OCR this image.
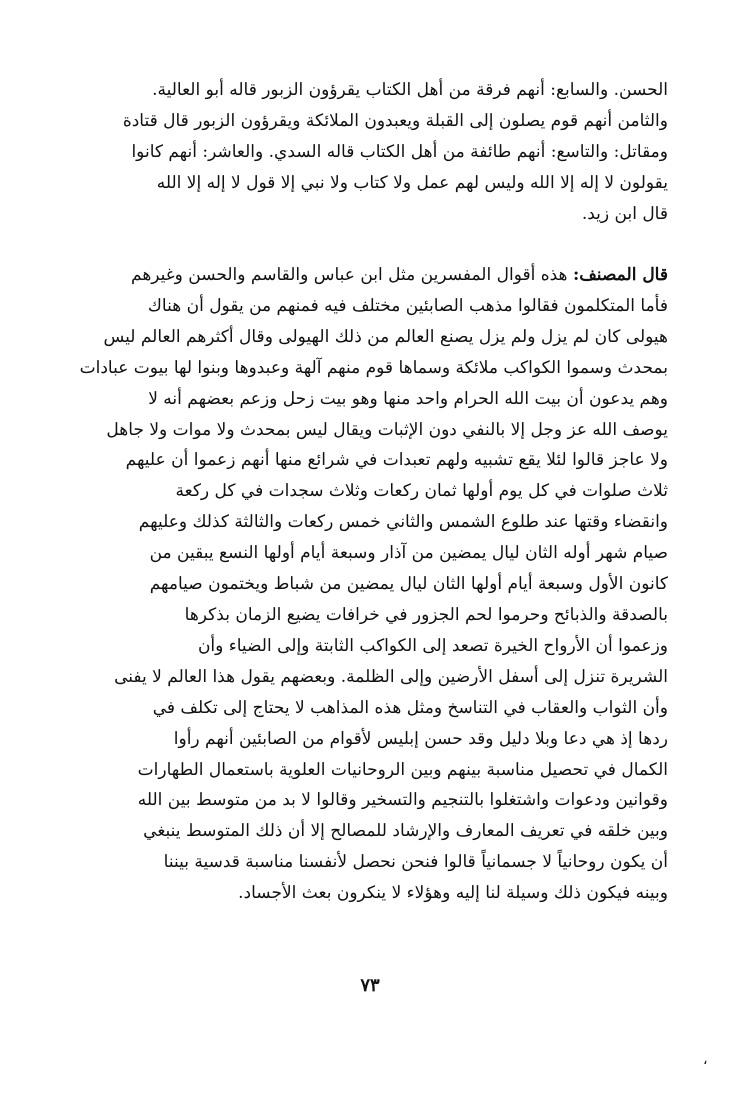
الحسن. والسابع: أنهم فرقة من أهل الكتاب يقرؤون الزبور قاله أبو العالية.
والثامن أنهم قوم يصلون إلى القبلة ويعبدون الملائكة ويقرؤون الزبور قال قتادة
ومقاتل: والتاسع: أنهم طائفة من أهل الكتاب قاله السدي. والعاشر: أنهم كانوا
يقولون لا إله إلا الله وليس لهم عمل ولا كتاب ولا نبي إلا قول لا إله إلا الله
قال ابن زيد.
قال المصنف: هذه أقوال المفسرين مثل ابن عباس والقاسم والحسن وغيرهم
فأما المتكلمون فقالوا مذهب الصابئين مختلف فيه فمنهم من يقول أن هناك
هيولى كان لم يزل ولم يزل يصنع العالم من ذلك الهيولى وقال أكثرهم العالم ليس
بمحدث وسموا الكواكب ملائكة وسماها قوم منهم آلهة وعبدوها وبنوا لها بيوت عبادات
وهم يدعون أن بيت الله الحرام واحد منها وهو بيت زحل وزعم بعضهم أنه لا
يوصف الله عز وجل إلا بالنفي دون الإثبات ويقال ليس بمحدث ولا موات ولا جاهل
ولا عاجز قالوا لئلا يقع تشبيه ولهم تعبدات في شرائع منها أنهم زعموا أن عليهم
ثلاث صلوات في كل يوم أولها ثمان ركعات وثلاث سجدات في كل ركعة
وانقضاء وقتها عند طلوع الشمس والثاني خمس ركعات والثالثة كذلك وعليهم
صيام شهر أوله الثان ليال يمضين من آذار وسبعة أيام أولها النسع يبقين من
كانون الأول وسبعة أيام أولها الثان ليال يمضين من شباط ويختمون صيامهم
بالصدقة والذبائح وحرموا لحم الجزور في خرافات يضيع الزمان بذكرها
وزعموا أن الأرواح الخيرة تصعد إلى الكواكب الثابتة وإلى الضياء وأن
الشريرة تنزل إلى أسفل الأرضين وإلى الظلمة. وبعضهم يقول هذا العالم لا يفنى
وأن الثواب والعقاب في التناسخ ومثل هذه المذاهب لا يحتاج إلى تكلف في
ردها إذ هي دعا وبلا دليل وقد حسن إبليس لأقوام من الصابئين أنهم رأوا
الكمال في تحصيل مناسبة بينهم وبين الروحانيات العلوية باستعمال الطهارات
وقوانين ودعوات واشتغلوا بالتنجيم والتسخير وقالوا لا بد من متوسط بين الله
وبين خلقه في تعريف المعارف والإرشاد للمصالح إلا أن ذلك المتوسط ينبغي
أن يكون روحانياً لا جسمانياً قالوا فنحن نحصل لأنفسنا مناسبة قدسية بيننا
وبينه فيكون ذلك وسيلة لنا إليه وهؤلاء لا ينكرون بعث الأجساد.
٧٣
،
